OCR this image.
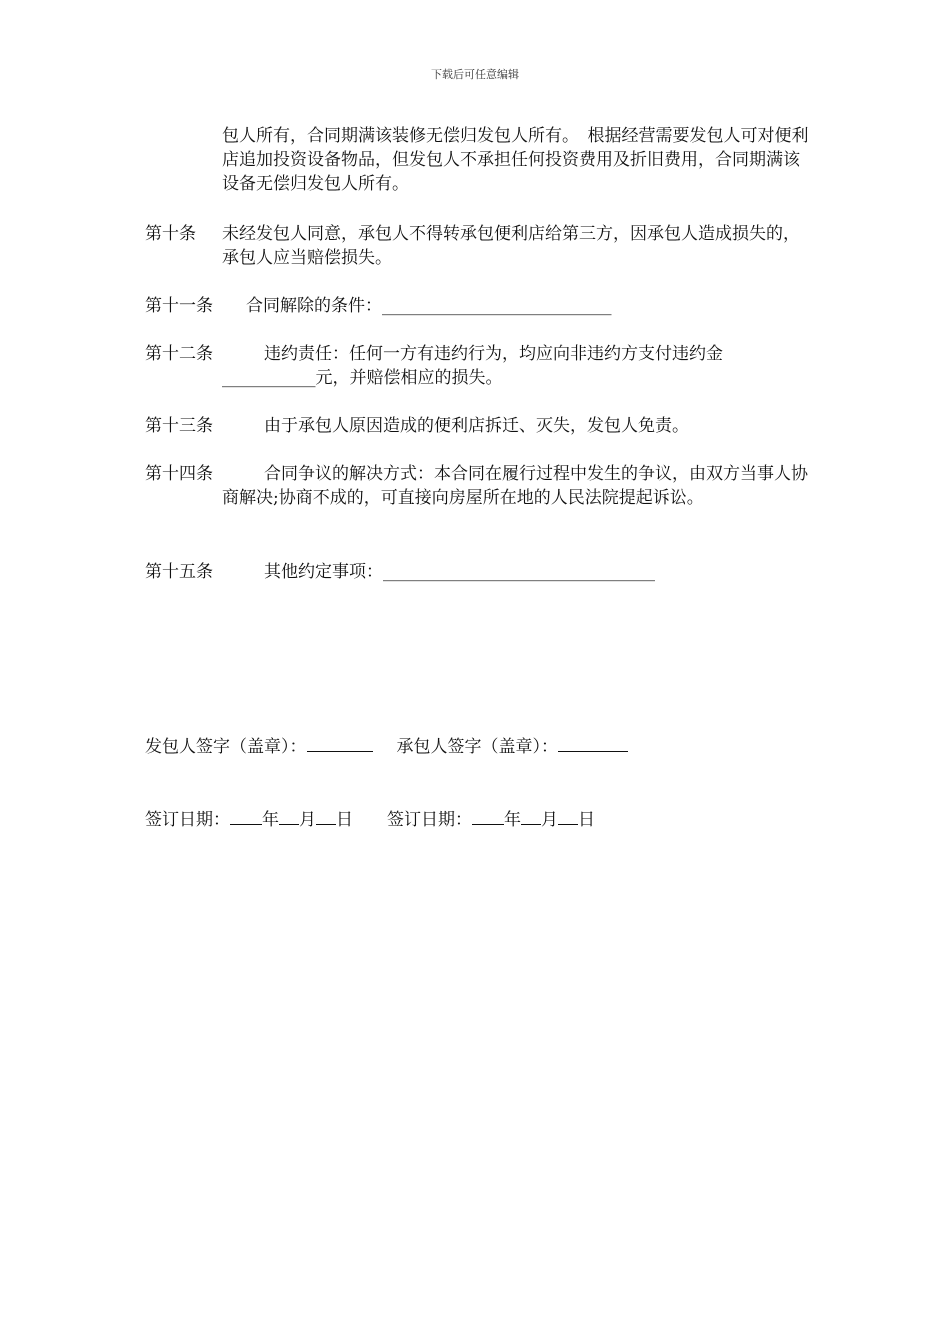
下载后可任意编辑
包人所有，合同期满该装修无偿归发包人所有。　根据经营需要发包人可对便利店追加投资设备物品，但发包人不承担任何投资费用及折旧费用，合同期满该设备无偿归发包人所有。
第十条 未经发包人同意，承包人不得转承包便利店给第三方，因承包人造成损失的，承包人应当赔偿损失。
第十一条	合同解除的条件：___________________________
第十二条	违约责任：任何一方有违约行为，均应向非违约方支付违约金___________元，并赔偿相应的损失。
第十三条	由于承包人原因造成的便利店拆迁、灭失，发包人免责。
第十四条	合同争议的解决方式：本合同在履行过程中发生的争议，由双方当事人协商解决;协商不成的，可直接向房屋所在地的人民法院提起诉讼。
第十五条	其他约定事项：________________________________
发包人签字（盖章）：	承包人签字（盖章）：
签订日期： 年 月 日 签订日期： 年 月 日
